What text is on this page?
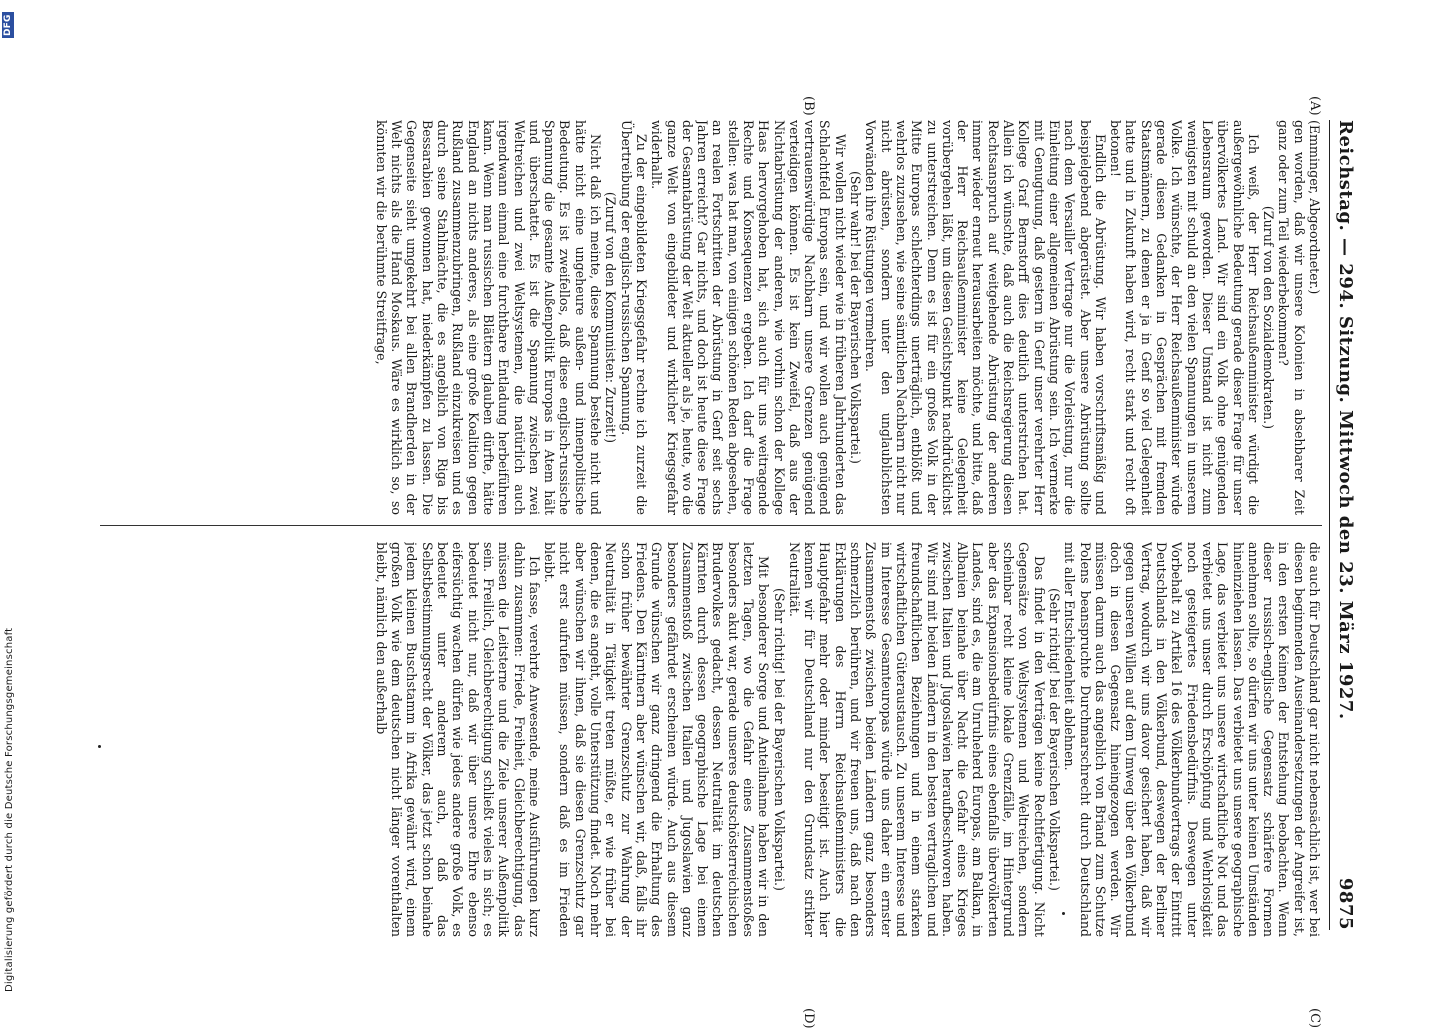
Reichstag. — 294. Sitzung. Mittwoch den 23. März 1927.
9875
(A)
(B)
(C)
(D)

(Emminger, Abgeordneter.)

gen worden, daß wir unsere Kolonien in absehbarer Zeit ganz oder zum Teil wiederbekommen?

(Zuruf von den Sozialdemokraten.)

Ich weiß, der Herr Reichsaußenminister würdigt die außergewöhnliche Bedeutung gerade dieser Frage für unser übervölkertes Land. Wir sind ein Volk ohne genügenden Lebensraum geworden. Dieser Umstand ist nicht zum wenigsten mit schuld an den vielen Spannungen in unserem Volke. Ich wünschte, der Herr Reichsaußenminister würde gerade diesen Gedanken in Gesprächen mit fremden Staatsmännern, zu denen er ja in Genf so viel Gelegenheit hatte und in Zukunft haben wird, recht stark und recht oft betonen!

Endlich die Abrüstung. Wir haben vorschriftsmäßig und beispielgebend abgerüstet. Aber unsere Abrüstung sollte nach dem Versailler Vertrage nur die Vorleistung, nur die Einleitung einer allgemeinen Abrüstung sein. Ich vermerke mit Genugtuung, daß gestern in Genf unser verehrter Herr Kollege Graf Bernstorff dies deutlich unterstrichen hat. Allein ich wünschte, daß auch die Reichsregierung diesen Rechtsanspruch auf weitgehende Abrüstung der anderen immer wieder erneut herausarbeiten möchte, und bitte, daß der Herr Reichsaußenminister keine Gelegenheit vorübergehen läßt, um diesen Gesichtspunkt nachdrücklichst zu unterstreichen. Denn es ist für ein großes Volk in der Mitte Europas schlechterdings unerträglich, entblößt und wehrlos zuzusehen, wie seine sämtlichen Nachbarn nicht nur nicht abrüsten, sondern unter den unglaublichsten Vorwänden ihre Rüstungen vermehren.

(Sehr wahr! bei der Bayerischen Volkspartei.)

Wir wollen nicht wieder wie in früheren Jahrhunderten das Schlachtfeld Europas sein, und wir wollen auch genügend vertrauenswürdige Nachbarn unsere Grenzen genügend verteidigen können. Es ist kein Zweifel, daß aus der Nichtabrüstung der anderen, wie vorhin schon der Kollege Haas hervorgehoben hat, sich auch für uns weitragende Rechte und Konsequenzen ergeben. Ich darf die Frage stellen: was hat man, von einigen schönen Reden abgesehen, an realen Fortschritten der Abrüstung in Genf seit sechs Jahren erreicht? Gar nichts, und doch ist heute diese Frage der Gesamtabrüstung der Welt aktueller als je, heute, wo die ganze Welt von eingebildeter und wirklicher Kriegsgefahr widerhallt.

Zu der eingebildeten Kriegsgefahr rechne ich zurzeit die Übertreibung der englisch-russischen Spannung.

(Zuruf von den Kommunisten: Zurzeit!)

Nicht daß ich meinte, diese Spannung bestehe nicht und hätte nicht eine ungeheure außen- und innenpolitische Bedeutung. Es ist zweifellos, daß diese englisch-russische Spannung die gesamte Außenpolitik Europas in Atem hält und überschattet. Es ist die Spannung zwischen zwei Weltreichen und zwei Weltsystemen, die natürlich auch irgendwann einmal eine furchtbare Entladung herbeiführen kann. Wenn man russischen Blättern glauben dürfte, hätte England an nichts anderes, als eine große Koalition gegen Rußland zusammenzubringen, Rußland einzukreisen und es durch seine Stahlmächte, die es angeblich von Riga bis Bessarabien gewonnen hat, niederkämpfen zu lassen. Die Gegenseite sieht umgekehrt bei allen Brandherden in der Welt nichts als die Hand Moskaus. Wäre es wirklich so, so könnten wir die berühmte Streitfrage,

die auch für Deutschland gar nicht nebensächlich ist, wer bei diesen beginnenden Auseinandersetzungen der Angreifer ist, in den ersten Keimen der Entstehung beobachten. Wenn dieser russisch-englische Gegensatz schärfere Formen annehmen sollte, so dürfen wir uns unter keinen Umständen hineinziehen lassen. Das verbietet uns unsere geographische Lage, das verbietet uns unsere wirtschaftliche Not und das verbietet uns unser durch Erschöpfung und Wehrlosigkeit noch gesteigertes Friedensbedürfnis. Deswegen unter Vorbehalt zu Artikel 16 des Völkerbundvertrags der Eintritt Deutschlands in den Völkerbund, deswegen der Berliner Vertrag, wodurch wir uns davor gesichert haben, daß wir gegen unseren Willen auf dem Umweg über den Völkerbund doch in diesen Gegensatz hineingezogen werden. Wir müssen darum auch das angeblich von Briand zum Schutze Polens beanspruchte Durchmarschrecht durch Deutschland mit aller Entschiedenheit ablehnen.

(Sehr richtig! bei der Bayerischen Volkspartei.)

Das findet in den Verträgen keine Rechtfertigung. Nicht Gegensätze von Weltsystemen und Weltreichen, sondern scheinbar recht kleine lokale Grenzfälle, im Hintergrund aber das Expansionsbedürfnis eines ebenfalls übervölkerten Landes, sind es, die am Unruheherd Europas, am Balkan, in Albanien beinahe über Nacht die Gefahr eines Krieges zwischen Italien und Jugoslawien heraufbeschworen haben. Wir sind mit beiden Ländern in den besten vertraglichen und freundschaftlichen Beziehungen und in einem starken wirtschaftlichen Güteraustausch. Zu unserem Interesse und im Interesse Gesamteuropas würde uns daher ein ernster Zusammenstoß zwischen beiden Ländern ganz besonders schmerzlich berühren, und wir freuen uns, daß nach den Erklärungen des Herrn Reichsaußenministers die Hauptgefahr mehr oder minder beseitigt ist. Auch hier kennen wir für Deutschland nur den Grundsatz strikter Neutralität.

(Sehr richtig! bei der Bayerischen Volkspartei.)

Mit besonderer Sorge und Anteilnahme haben wir in den letzten Tagen, wo die Gefahr eines Zusammenstoßes besonders akut war, gerade unseres deutschösterreichischen Brudervolkes gedacht, dessen Neutralität im deutschen Kärnten durch dessen geographische Lage bei einem Zusammenstoß zwischen Italien und Jugoslawien ganz besonders gefährdet erscheinen würde. Auch aus diesem Grunde wünschen wir ganz dringend die Erhaltung des Friedens. Den Kärntnern aber wünschen wir, daß, falls ihr schon früher bewährter Grenzschutz zur Wahrung der Neutralität in Tätigkeit treten müßte, er wie früher bei denen, die es angeht, volle Unterstützung findet. Noch mehr aber wünschen wir ihnen, daß sie diesen Grenzschutz gar nicht erst aufrufen müssen, sondern daß es im Frieden bleibt.

Ich fasse, verehrte Anwesende, meine Ausführungen kurz dahin zusammen: Friede, Freiheit, Gleichberechtigung, das müssen die Leitsterne und die Ziele unserer Außenpolitik sein. Freilich, Gleichberechtigung schließt vieles in sich; es bedeutet nicht nur, daß wir über unsere Ehre ebenso eifersüchtig wachen dürfen wie jedes andere große Volk, es bedeutet unter anderem auch, daß das Selbstbestimmungsrecht der Völker, das jetzt schon beinahe jedem kleinen Buschstamm in Afrika gewährt wird, einem großen Volk wie dem deutschen nicht länger vorenthalten bleibt, nämlich den außerhalb

Digitalisierung gefördert durch die Deutsche Forschungsgemeinschaft
DFG
